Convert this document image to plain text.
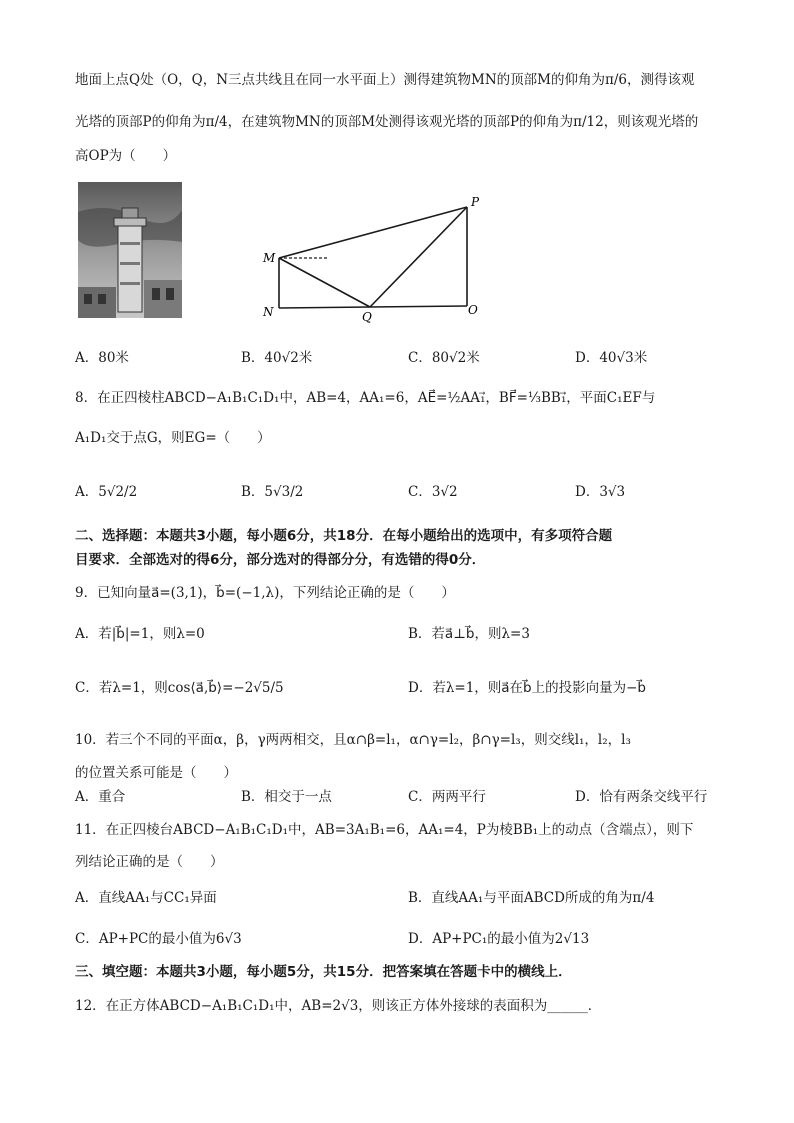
地面上点Q处（O，Q，N三点共线且在同一水平面上）测得建筑物MN的顶部M的仰角为π/6，测得该观
光塔的顶部P的仰角为π/4，在建筑物MN的顶部M处测得该观光塔的顶部P的仰角为π/12，则该观光塔的
高OP为（　　）
M
N	Q
P
O
A．80米	B．40√2米	C．80√2米	D．40√3米
8．在正四棱柱ABCD−A₁B₁C₁D₁中，AB=4，AA₁=6，AE⃗=½AA₁⃗，BF⃗=⅓BB₁⃗，平面C₁EF与
A₁D₁交于点G，则EG=（　　）
A．5√2/2	B．5√3/2	C．3√2	D．3√3
二、选择题：本题共3小题，每小题6分，共18分．在每小题给出的选项中，有多项符合题
目要求．全部选对的得6分，部分选对的得部分分，有选错的得0分．
9．已知向量a⃗=(3,1)，b⃗=(−1,λ)，下列结论正确的是（　　）
A．若|b⃗|=1，则λ=0	B．若a⃗⊥b⃗，则λ=3
C．若λ=1，则cos⟨a⃗,b⃗⟩=−2√5/5	D．若λ=1，则a⃗在b⃗上的投影向量为−b⃗
10．若三个不同的平面α，β，γ两两相交，且α∩β=l₁，α∩γ=l₂，β∩γ=l₃，则交线l₁，l₂，l₃
的位置关系可能是（　　）
A．重合	B．相交于一点	C．两两平行	D．恰有两条交线平行
11．在正四棱台ABCD−A₁B₁C₁D₁中，AB=3A₁B₁=6，AA₁=4，P为棱BB₁上的动点（含端点），则下
列结论正确的是（　　）
A．直线AA₁与CC₁异面	B．直线AA₁与平面ABCD所成的角为π/4
C．AP+PC的最小值为6√3	D．AP+PC₁的最小值为2√13
三、填空题：本题共3小题，每小题5分，共15分．把答案填在答题卡中的横线上．
12．在正方体ABCD−A₁B₁C₁D₁中，AB=2√3，则该正方体外接球的表面积为______．
